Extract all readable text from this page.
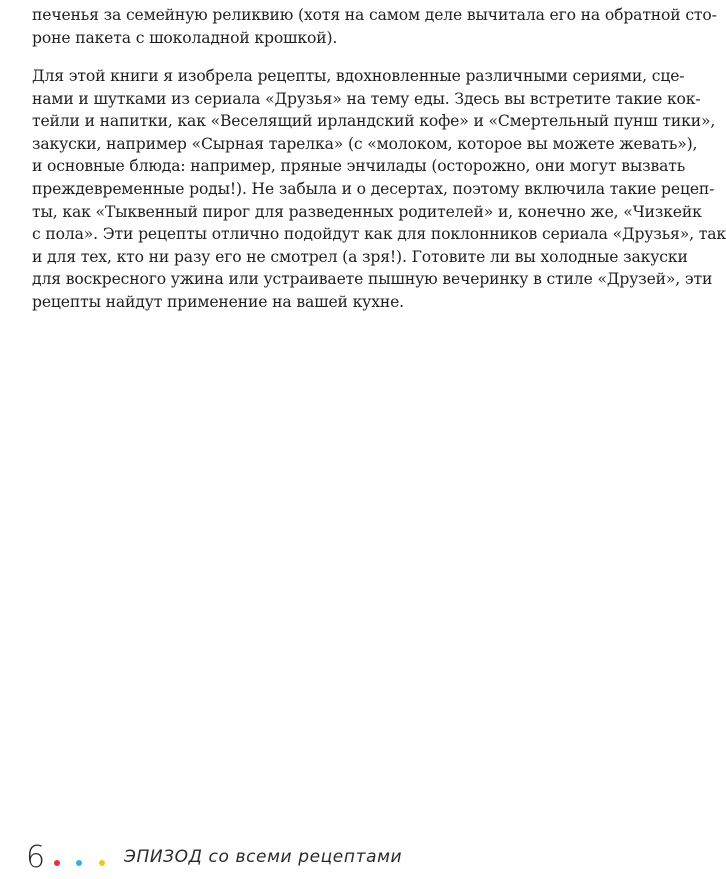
печенья за семейную реликвию (хотя на самом деле вычитала его на обратной сто-
роне пакета с шоколадной крошкой).
Для этой книги я изобрела рецепты, вдохновленные различными сериями, сце-
нами и шутками из сериала «Друзья» на тему еды. Здесь вы встретите такие кок-
тейли и напитки, как «Веселящий ирландский кофе» и «Смертельный пунш тики»,
закуски, например «Сырная тарелка» (с «молоком, которое вы можете жевать»),
и основные блюда: например, пряные энчилады (осторожно, они могут вызвать
преждевременные роды!). Не забыла и о десертах, поэтому включила такие рецеп-
ты, как «Тыквенный пирог для разведенных родителей» и, конечно же, «Чизкейк
с пола». Эти рецепты отлично подойдут как для поклонников сериала «Друзья», так
и для тех, кто ни разу его не смотрел (а зря!). Готовите ли вы холодные закуски
для воскресного ужина или устраиваете пышную вечеринку в стиле «Друзей», эти
рецепты найдут применение на вашей кухне.
6	ЭПИЗОД со всеми рецептами
